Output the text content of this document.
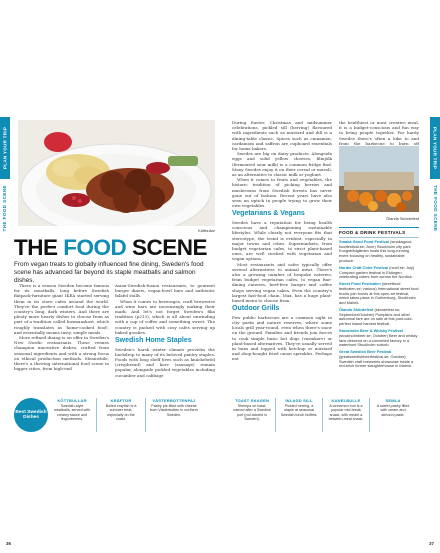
PLAN YOUR TRIP
THE FOOD SCENE	Köttbullar
THE FOOD SCENE
From vegan treats to globally influenced fine dining, Sweden's food scene has advanced far beyond its staple meatballs and salmon dishes.

There is a reason Sweden become famous for its meatballs, long before Swedish flatpack-furniture giant IKEA started serving them in its store cafes around the world. They're the perfect comfort food during the country's long, dark winters. And there are plenty more hearty dishes to choose from as part of a tradition called husmanskost, which roughly translates as 'home-cooked food', and essentially means tasty, simple meals.

More refined dining is on offer in Sweden's New Nordic restaurants. These venues champion innovative dishes, crafted from seasonal ingredients and with a strong focus on ethical production methods. Meanwhile, there's a thriving international food scene in bigger cities, from high-end

Asian-Swedish-fusion restaurants, to gourmet burger diners, vegan-bowl bars and authentic falafel stalls.

When it comes to beverages, craft breweries and wine bars are increasingly making their mark. And let's not forget Sweden's fika tradition (p213), which is all about unwinding with a cup of coffee and something sweet. The country is packed with cosy cafes serving up baked goodies.

Swedish Home Staples

Sweden's harsh winter climate provides the backdrop to many of its beloved pantry staples. Foods with long shelf lives such as knäckebröd (crispbread) and korv (sausage) remain popular, alongside pickled vegetables including cucumber and cabbage

Best Swedish Dishes
KÖTTBULLAR
Swedish-style meatballs, served with creamy sauce and lingonberries.
KRÄFTOR
Boiled crayfish is a summer treat, especially on the coast.
VÄSTERBOTTENPAJ
Pastry pie filled with cheese from Västerbotten in northern Sweden.
36
PLAN YOUR TRIP
THE FOOD SCENE
37

During Easter, Christmas and midsummer celebrations, pickled sill (herring) flavoured with ingredients such as mustard and dill is a dining-table classic. Spices such as cinnamon, cardamom and saffron are cupboard essentials for home bakers.

Swedes are big on dairy products. Alongside eggs and solid yellow cheeses, filmjölk (fermented sour milk) is a common fridge find. Many Swedes enjoy it on their cereal or muesli, as an alternative to classic milk or yoghurt.

When it comes to fruits and vegetables, the historic tradition of picking berries and mushrooms from Swedish forests has never gone out of fashion. Recent years have also seen an uptick in people trying to grow their own vegetables.

Vegetarians & Vegans

Swedes have a reputation for being health conscious and championing sustainable lifestyles. While clearly not everyone fits that stereotype, the trend is evident, especially in major towns and cities. Supermarkets, from budget vegetarian cafes, to strict plant-based ones, are well stocked with vegetarian and vegan options.

Most restaurants and cafes typically offer several alternatives to animal meat. There's also a growing number of bespoke eateries, from budget vegetarian cafes, to vegan fine-dining eateries, beef-free burger and coffee shops serving vegan cakes. Even the country's largest fast-food chain, Max, has a huge plant-based menu to choose from.

Outdoor Grills

Few public barbecues are a common sight in city parks and nature reserves, where some locals grill year-round, even when there's snow on the ground. Families and friends join forces to cook simple basic hot dogs (varmkorv) or plant-based alternatives. They're usually served in buns and topped with ketchup or mustard and shop-bought fried onion sprinkles. Perhaps not

the healthiest or most creative meal, it is a budget-conscious and fun way to bring people together. For hardy Swedes there's often a hike to and from the barbecue to burn off

Ölands Skördefest
FOOD & DRINK FESTIVALS
Smaka Good Food Festival (smakagood foodfestival.se; June) Stockholm city park Kungsträdgården hosts this long-running event focusing on healthy, sustainable produce.
Nordic Craft Cider Festival (ncctf.se; July) Compact garden festival in Ekängen, celebrating ciders from across the Nordics.
Street Food Festivalen (streetfood festivalen.se; various) International street food trucks join forces at this open-air festival, which takes place in Gothenburg, Stockholm and Malmö.
Ölands Skördefest (skordefest.nu; September/October) Pumpkins and other autumnal fare are on sale at this post-cold-perfect island harvest festival.
Stockholm Beer & Whisky Festival (stockholmbeer.se; October) Beer and whisky fans descend on a converted factory in a waterfront Stockholm suburb.
Great Swedish Beer Festival (greatswedishbeerfestival.se; October) Swedish craft breweries showcase inside a red-brick former slaughterhouse in Malmö.
TOAST SKAGEN
Shrimps on toast, named after a Swedish port (not adored in Sweden).
INLAGD SILL
Pickled herring, a staple at seasonal Swedish lunch buffets.
KANELBULLE
A cinnamon bun is a popular mid-break snack, with meant a between-meal snack.
SEMLA
A sweet pastry filled with cream and almond paste.
